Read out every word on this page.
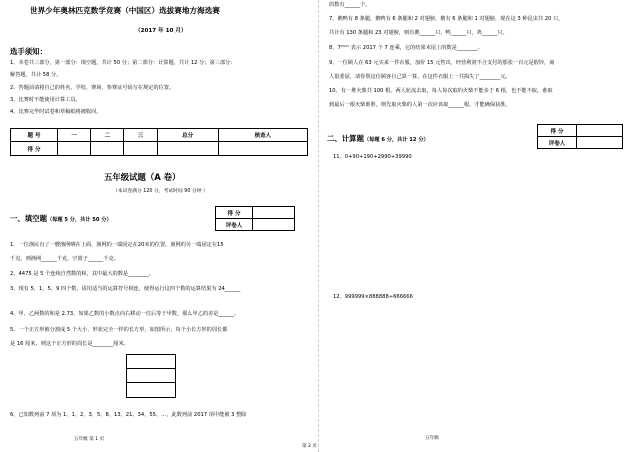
世界少年奥林匹克数学竞赛（中国区）选拔赛地方海选赛
（2017 年 10 月）
选手须知：
1、本卷共三部分，第一部分：填空题，共计 50 分；第二部分：计算题，共计 12 分；第三部分：
解答题，共计 58 分。
2、答题前请将自己的姓名、学校、赛场、参赛证号码写在规定的位置。
3、比赛时不能使用计算工具。
4、比赛完毕时试卷和草稿纸将被收回。
题 号	一	二	三	总分	核查人
得 分					
五年级试题（A 卷）
（本试卷满分 120 分，考试时间 90 分钟 ）
一、填空题（每题 5 分，共计 50 分）
得 分	
评卷人	
1、一位渔民有了一艘渔网晒在上面，渔网的一端固定在20米的位置，渔网的另一端固定在15
千克，则渔网______千克，空篮子______千克。
2、4475 是 5 个连续自然数的和，其中最大的数是________。
3、现有 5，1，5，9 四个数，请用适当的运算符号相连，使得运行这四个数的运算结果为 24______
4、甲、乙两数的和是 2.73，如果乙数的小数点向右移动一位后等于甲数，那么甲乙的差是______。
5、一个正方形被分割成 5 个大小、形状完全一样的长方形，如图所示，每个小长方形的周长都
是 16 厘米，则这个正方形的周长是________厘米。
6、已知数列前 7 项为 1、1、2、3、5、8、13、21、34、55、…，此数列前 2017 项中能被 3 整除
五年级 第 1 页
第 2 页
的数有______个。
7、鹅鸭有 8 条腿，鹅鸭有 6 条腿和 2 对翅膀，鹅有 6 条腿和 1 对翅膀，现在这 3 种昆虫共 20 只，
共计有 130 条腿和 23 对翅膀，则有鹅______只，鸭______只，鸡______只。
8、7²⁰¹⁷ 表示 2017 个 7 连乘，它的结果末尾上的数是________。
9、一位顾人在 63 元买来一件衣服，加价 15 元售出，经营利润不合支付的那张一百元是假钞，商
人很委屈，请你帮这位顾客自己算一算，在这件衣服上一共损失了________元。
10、有一堆火柴共 100 根，两人轮流去取，每人每次取的火柴不能多于 6 根，也不能不取，谁取
到最后一根火柴谁胜，则先取火柴的人第一次应该取______根，才能确保获胜。
得 分	
评卷人	
二、计算题（每题 6 分，共计 12 分）
11、0+90+190+2990+39990
12、999999×888888÷666666
五年级
